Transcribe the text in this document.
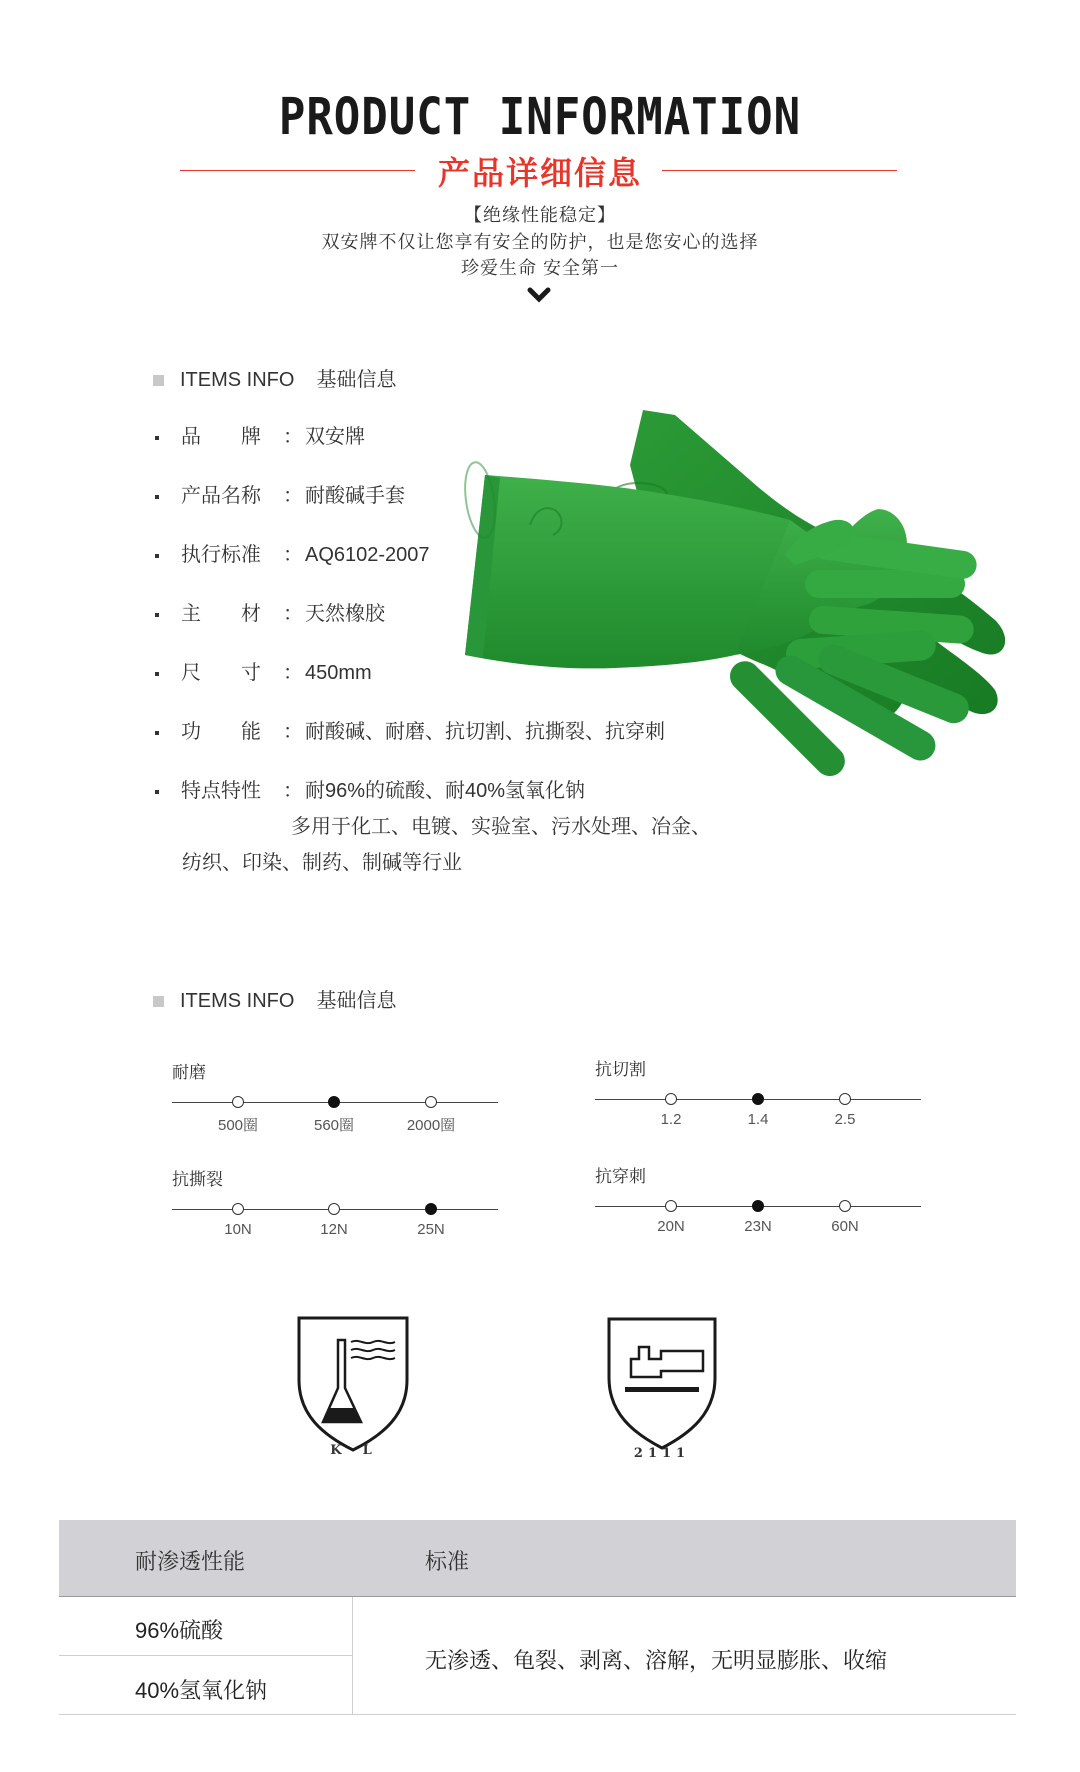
PRODUCT INFORMATION
产品详细信息
【绝缘性能稳定】
双安牌不仅让您享有安全的防护，也是您安心的选择
珍爱生命 安全第一
ITEMS INFO 基础信息
品　　牌 ： 双安牌
产品名称 ： 耐酸碱手套
执行标准 ： AQ6102-2007
主　　材 ： 天然橡胶
尺　　寸 ： 450mm
功　　能 ： 耐酸碱、耐磨、抗切割、抗撕裂、抗穿刺
特点特性 ： 耐96%的硫酸、耐40%氢氧化钠
多用于化工、电镀、实验室、污水处理、冶金、
纺织、印染、制药、制碱等行业
ITEMS INFO 基础信息
耐磨
500圈	560圈	2000圈
抗切割
1.2	1.4	2.5
抗撕裂
10N	12N	25N
抗穿刺
20N	23N	60N
K  L	2111
耐渗透性能	标准
96%硫酸
40%氢氧化钠
无渗透、龟裂、剥离、溶解，无明显膨胀、收缩
